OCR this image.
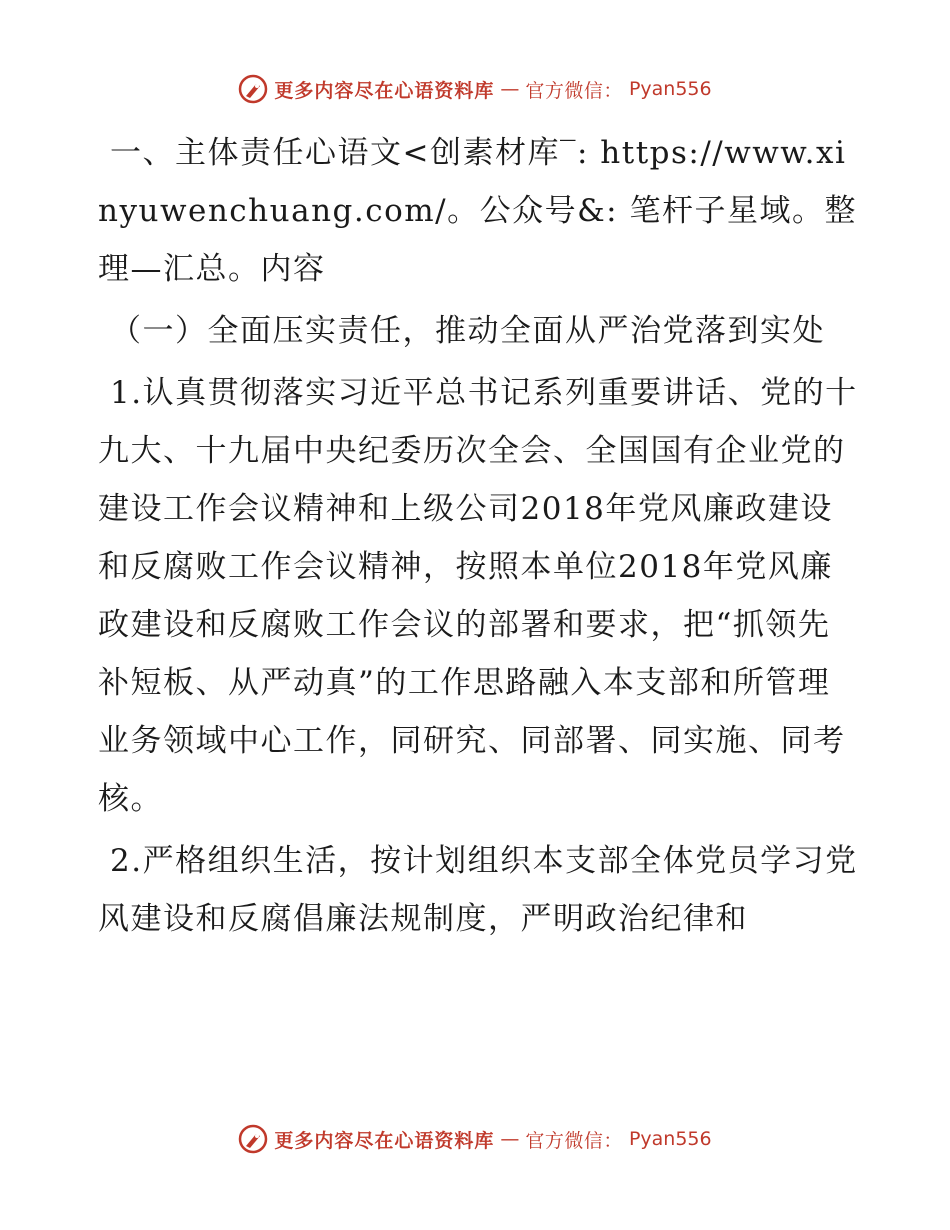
更多内容尽在心语资料库 — 官方微信： Pyan556

一、主体责任心语文<创素材库‾: https://www.xinyuwenchuang.com/。公众号&: 笔杆子星域。整理—汇总。内容

（一）全面压实责任，推动全面从严治党落到实处

1.认真贯彻落实习近平总书记系列重要讲话、党的十九大、十九届中央纪委历次全会、全国国有企业党的建设工作会议精神和上级公司2018年党风廉政建设和反腐败工作会议精神，按照本单位2018年党风廉政建设和反腐败工作会议的部署和要求，把“抓领先补短板、从严动真”的工作思路融入本支部和所管理业务领域中心工作，同研究、同部署、同实施、同考核。

2.严格组织生活，按计划组织本支部全体党员学习党风建设和反腐倡廉法规制度，严明政治纪律和

更多内容尽在心语资料库 — 官方微信： Pyan556
